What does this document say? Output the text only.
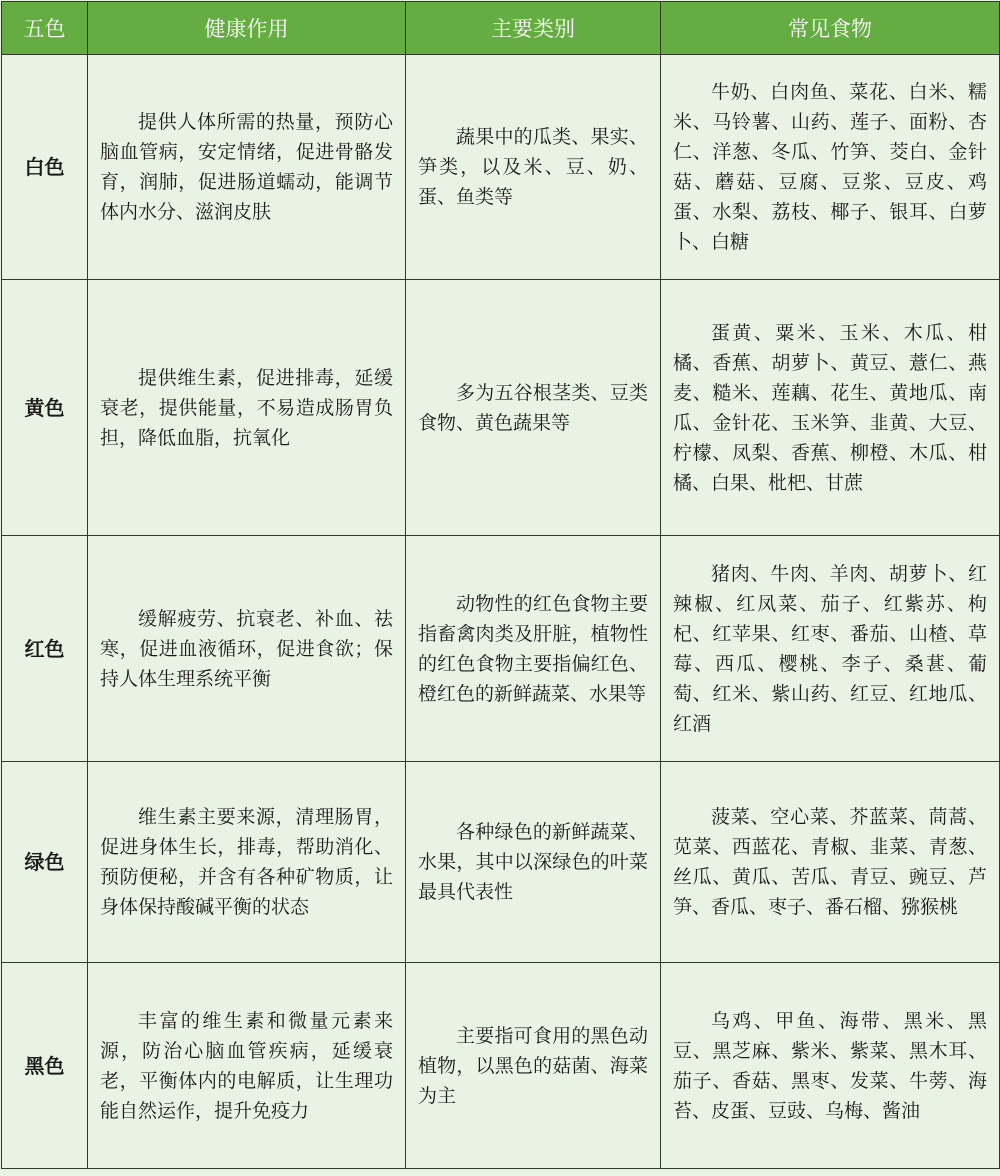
五色	健康作用	主要类别	常见食物
白色	提供人体所需的热量，预防心脑血管病，安定情绪，促进骨骼发育，润肺，促进肠道蠕动，能调节体内水分、滋润皮肤	蔬果中的瓜类、果实、笋类，以及米、豆、奶、蛋、鱼类等	牛奶、白肉鱼、菜花、白米、糯米、马铃薯、山药、莲子、面粉、杏仁、洋葱、冬瓜、竹笋、茭白、金针菇、蘑菇、豆腐、豆浆、豆皮、鸡蛋、水梨、荔枝、椰子、银耳、白萝卜、白糖

黄色	提供维生素，促进排毒，延缓衰老，提供能量，不易造成肠胃负担，降低血脂，抗氧化	多为五谷根茎类、豆类食物、黄色蔬果等	蛋黄、粟米、玉米、木瓜、柑橘、香蕉、胡萝卜、黄豆、薏仁、燕麦、糙米、莲藕、花生、黄地瓜、南瓜、金针花、玉米笋、韭黄、大豆、柠檬、凤梨、香蕉、柳橙、木瓜、柑橘、白果、枇杷、甘蔗

红色	缓解疲劳、抗衰老、补血、祛寒，促进血液循环，促进食欲；保持人体生理系统平衡	动物性的红色食物主要指畜禽肉类及肝脏，植物性的红色食物主要指偏红色、橙红色的新鲜蔬菜、水果等	猪肉、牛肉、羊肉、胡萝卜、红辣椒、红凤菜、茄子、红紫苏、枸杞、红苹果、红枣、番茄、山楂、草莓、西瓜、樱桃、李子、桑葚、葡萄、红米、紫山药、红豆、红地瓜、红酒

绿色	维生素主要来源，清理肠胃，促进身体生长，排毒，帮助消化、预防便秘，并含有各种矿物质，让身体保持酸碱平衡的状态	各种绿色的新鲜蔬菜、水果，其中以深绿色的叶菜最具代表性	菠菜、空心菜、芥蓝菜、茼蒿、苋菜、西蓝花、青椒、韭菜、青葱、丝瓜、黄瓜、苦瓜、青豆、豌豆、芦笋、香瓜、枣子、番石榴、猕猴桃

黑色	丰富的维生素和微量元素来源，防治心脑血管疾病，延缓衰老，平衡体内的电解质，让生理功能自然运作，提升免疫力	主要指可食用的黑色动植物，以黑色的菇菌、海菜为主	乌鸡、甲鱼、海带、黑米、黑豆、黑芝麻、紫米、紫菜、黑木耳、茄子、香菇、黑枣、发菜、牛蒡、海苔、皮蛋、豆豉、乌梅、酱油
